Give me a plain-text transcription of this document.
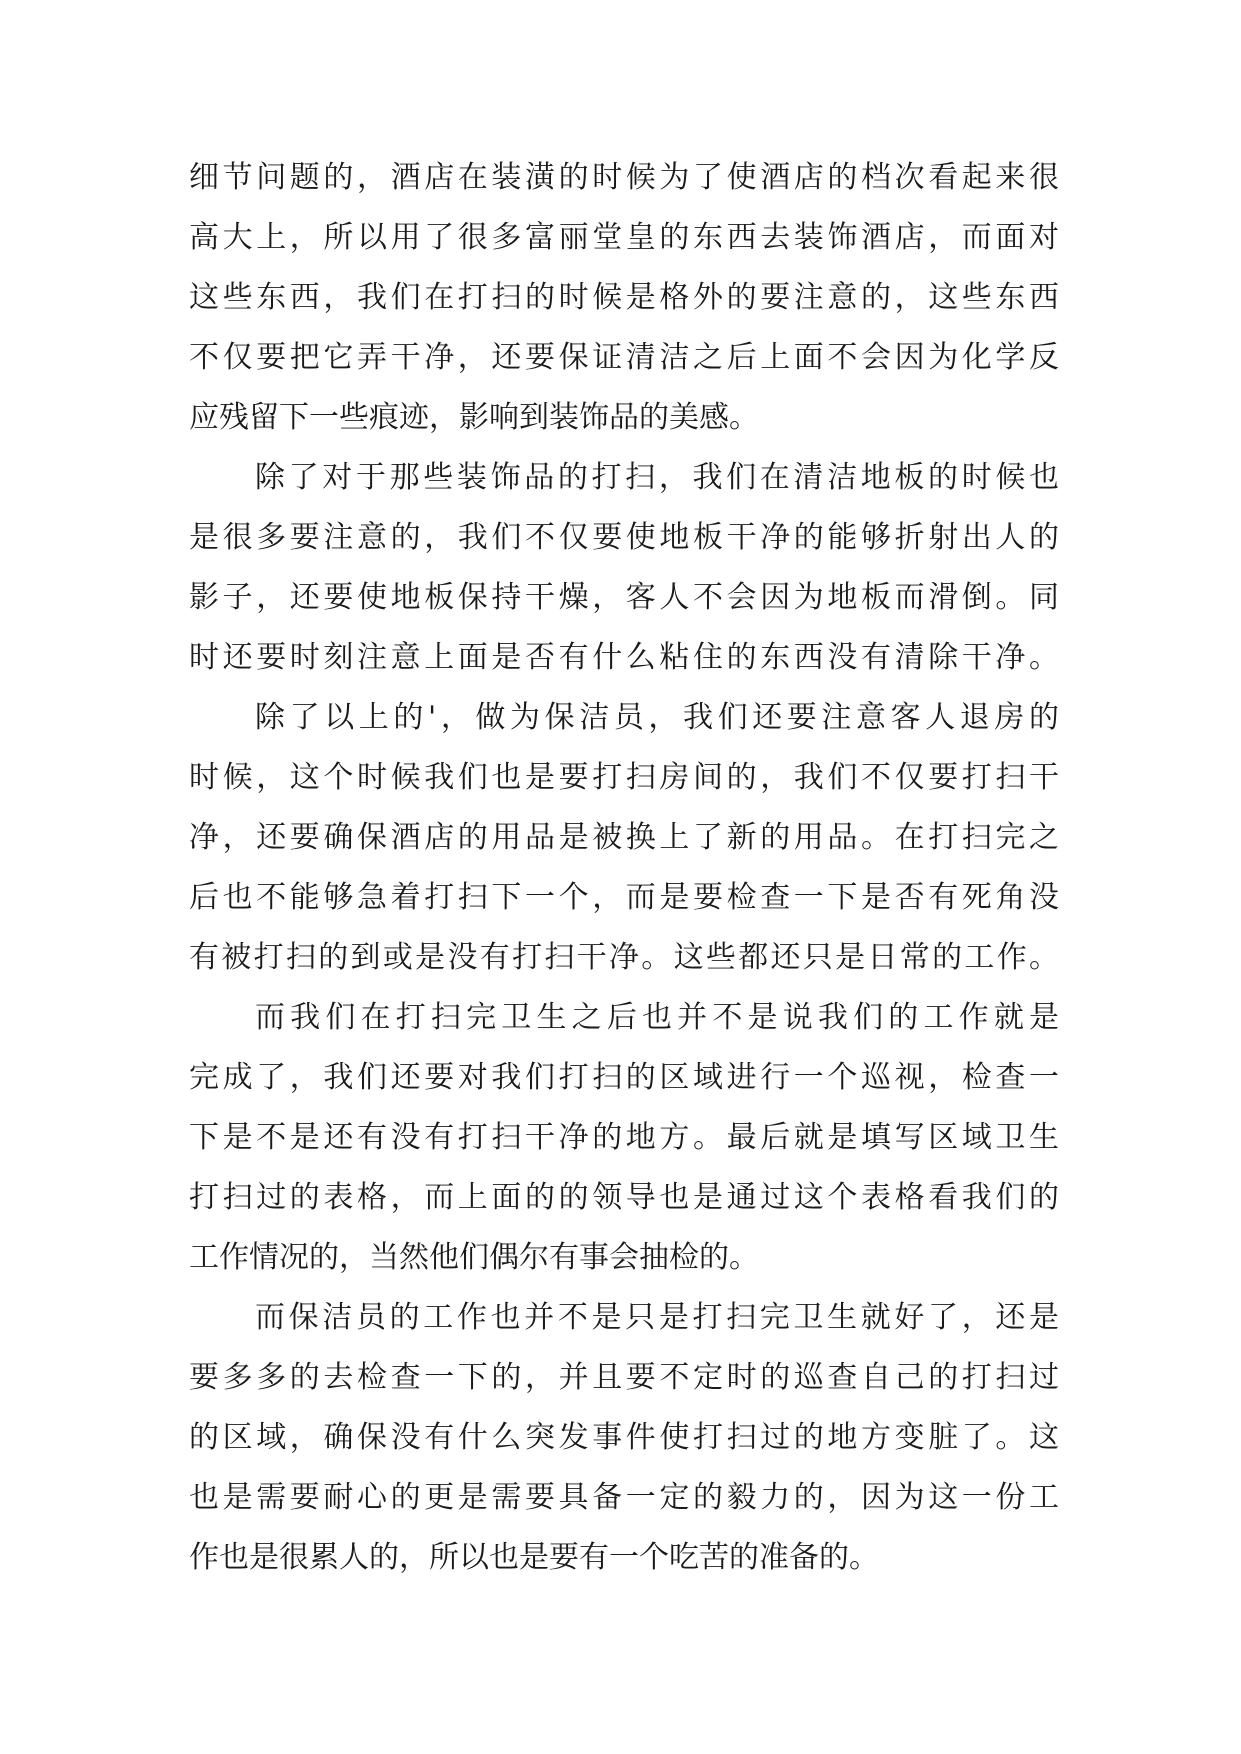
细节问题的，酒店在装潢的时候为了使酒店的档次看起来很
高大上，所以用了很多富丽堂皇的东西去装饰酒店，而面对
这些东西，我们在打扫的时候是格外的要注意的，这些东西
不仅要把它弄干净，还要保证清洁之后上面不会因为化学反
应残留下一些痕迹，影响到装饰品的美感。
除了对于那些装饰品的打扫，我们在清洁地板的时候也
是很多要注意的，我们不仅要使地板干净的能够折射出人的
影子，还要使地板保持干燥，客人不会因为地板而滑倒。同
时还要时刻注意上面是否有什么粘住的东西没有清除干净。
除了以上的'，做为保洁员，我们还要注意客人退房的
时候，这个时候我们也是要打扫房间的，我们不仅要打扫干
净，还要确保酒店的用品是被换上了新的用品。在打扫完之
后也不能够急着打扫下一个，而是要检查一下是否有死角没
有被打扫的到或是没有打扫干净。这些都还只是日常的工作。
而我们在打扫完卫生之后也并不是说我们的工作就是
完成了，我们还要对我们打扫的区域进行一个巡视，检查一
下是不是还有没有打扫干净的地方。最后就是填写区域卫生
打扫过的表格，而上面的的领导也是通过这个表格看我们的
工作情况的，当然他们偶尔有事会抽检的。
而保洁员的工作也并不是只是打扫完卫生就好了，还是
要多多的去检查一下的，并且要不定时的巡查自己的打扫过
的区域，确保没有什么突发事件使打扫过的地方变脏了。这
也是需要耐心的更是需要具备一定的毅力的，因为这一份工
作也是很累人的，所以也是要有一个吃苦的准备的。
